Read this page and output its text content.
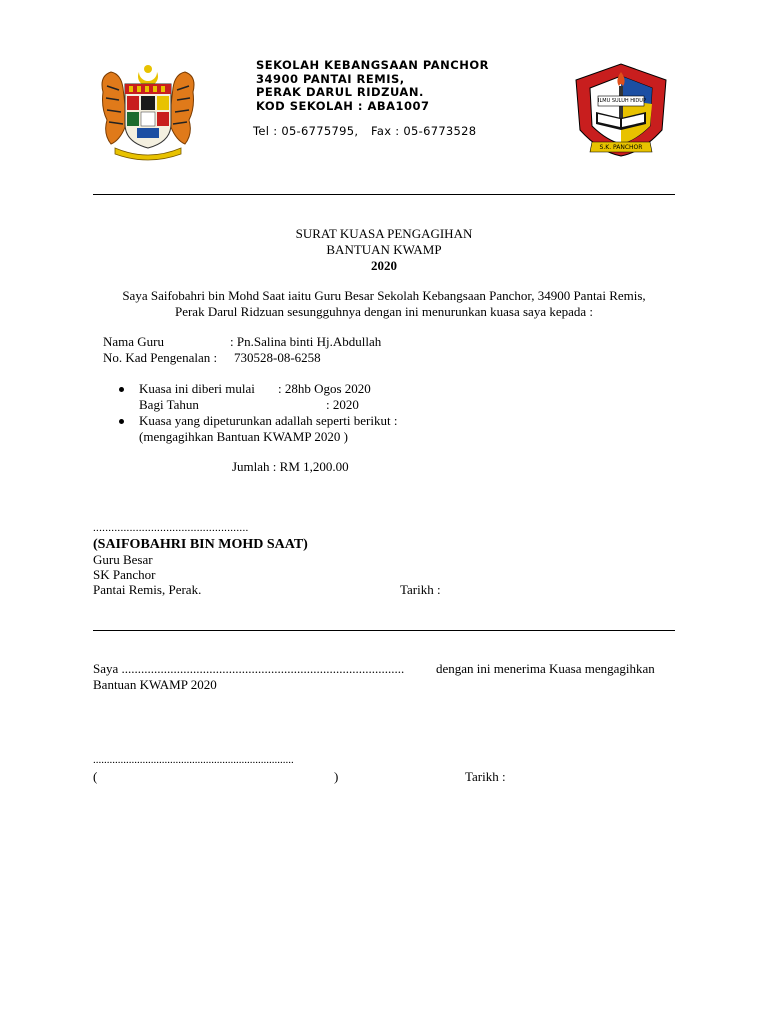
SEKOLAH KEBANGSAAN PANCHOR
34900 PANTAI REMIS,
PERAK DARUL RIDZUAN.
KOD SEKOLAH : ABA1007
Tel : 05-6775795, Fax : 05-6773528
ILMU SULUH HIDUP
S.K. PANCHOR
SURAT KUASA PENGAGIHAN
BANTUAN KWAMP
2020
Saya Saifobahri bin Mohd Saat iaitu Guru Besar Sekolah Kebangsaan Panchor, 34900 Pantai Remis,
Perak Darul Ridzuan sesungguhnya dengan ini menurunkan kuasa saya kepada :
Nama Guru	: Pn.Salina binti Hj.Abdullah
No. Kad Pengenalan : 730528-08-6258
Kuasa ini diberi mulai : 28hb Ogos 2020
Bagi Tahun	: 2020
Kuasa yang dipeturunkan adallah seperti berikut :
(mengagihkan Bantuan KWAMP 2020 )
Jumlah : RM 1,200.00
...................................................
(SAIFOBAHRI BIN MOHD SAAT)
Guru Besar
SK Panchor
Pantai Remis, Perak.	Tarikh :
Saya ....................................................................................... dengan ini menerima Kuasa mengagihkan
Bantuan KWAMP 2020
.........................................................................
(	)	Tarikh :
